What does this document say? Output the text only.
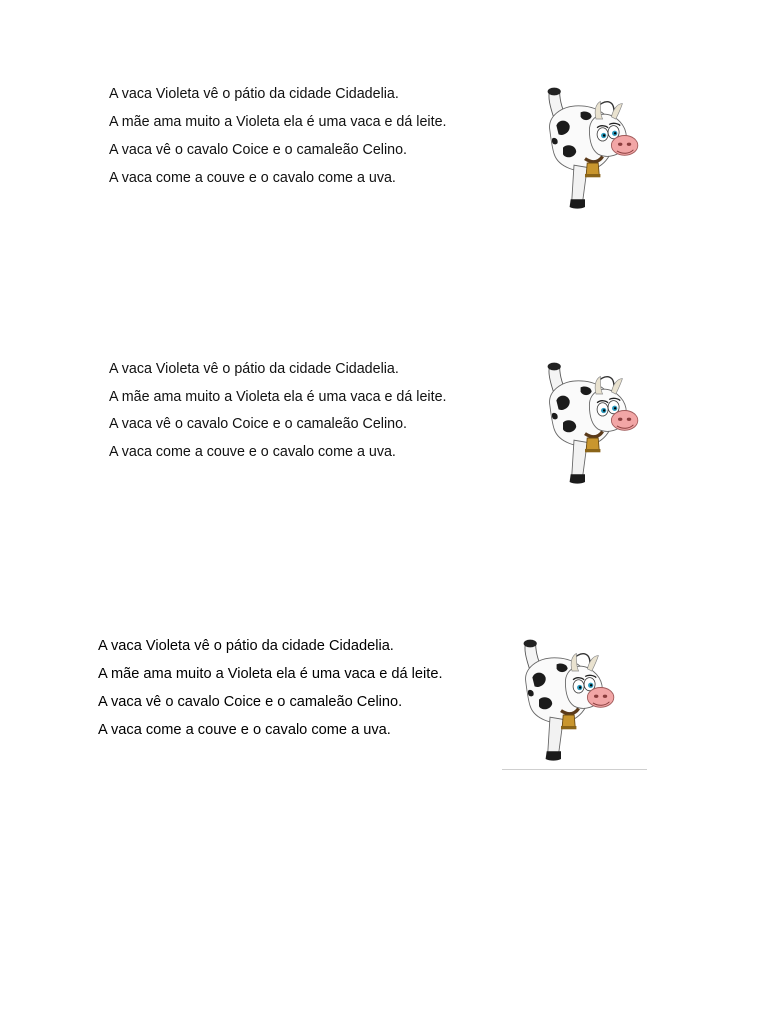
A vaca Violeta vê o pátio da cidade Cidadelia.
A mãe ama muito a Violeta ela é uma vaca e dá leite.
A vaca vê o cavalo Coice e o camaleão Celino.
A vaca come a couve e o cavalo come a uva.
A vaca Violeta vê o pátio da cidade Cidadelia.
A mãe ama muito a Violeta ela é uma vaca e dá leite.
A vaca vê o cavalo Coice e o camaleão Celino.
A vaca come a couve e o cavalo come a uva.
A vaca Violeta vê o pátio da cidade Cidadelia.
A mãe ama muito a Violeta ela é uma vaca e dá leite.
A vaca vê o cavalo Coice e o camaleão Celino.
A vaca come a couve e o cavalo come a uva.
